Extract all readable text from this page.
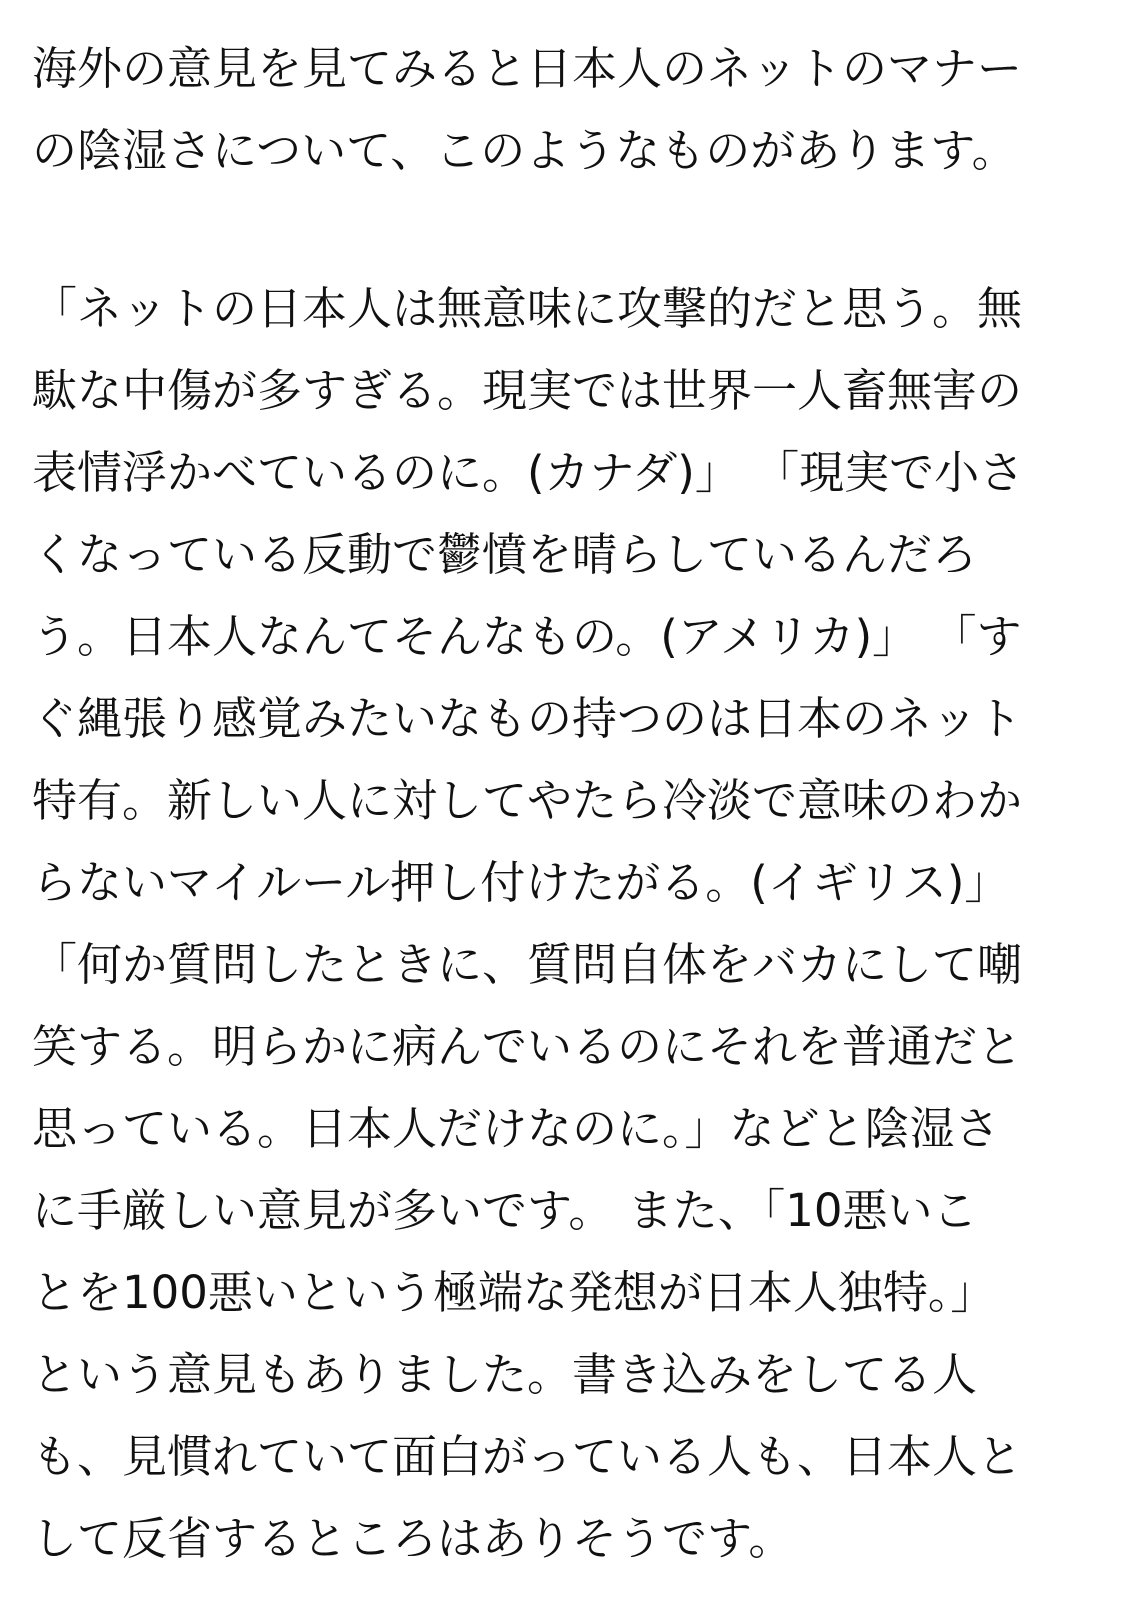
海外の意見を見てみると日本人のネットのマナー
の陰湿さについて、このようなものがあります。
「ネットの日本人は無意味に攻撃的だと思う。無
駄な中傷が多すぎる。現実では世界一人畜無害の
表情浮かべているのに。(カナダ)」 「現実で小さ
くなっている反動で鬱憤を晴らしているんだろ
う。日本人なんてそんなもの。(アメリカ)」 「す
ぐ縄張り感覚みたいなもの持つのは日本のネット
特有。新しい人に対してやたら冷淡で意味のわか
らないマイルール押し付けたがる。(イギリス)」
「何か質問したときに、質問自体をバカにして嘲
笑する。明らかに病んでいるのにそれを普通だと
思っている。日本人だけなのに。」などと陰湿さ
に手厳しい意見が多いです。 また、「10悪いこ
とを100悪いという極端な発想が日本人独特。」
という意見もありました。書き込みをしてる人
も、見慣れていて面白がっている人も、日本人と
して反省するところはありそうです。
